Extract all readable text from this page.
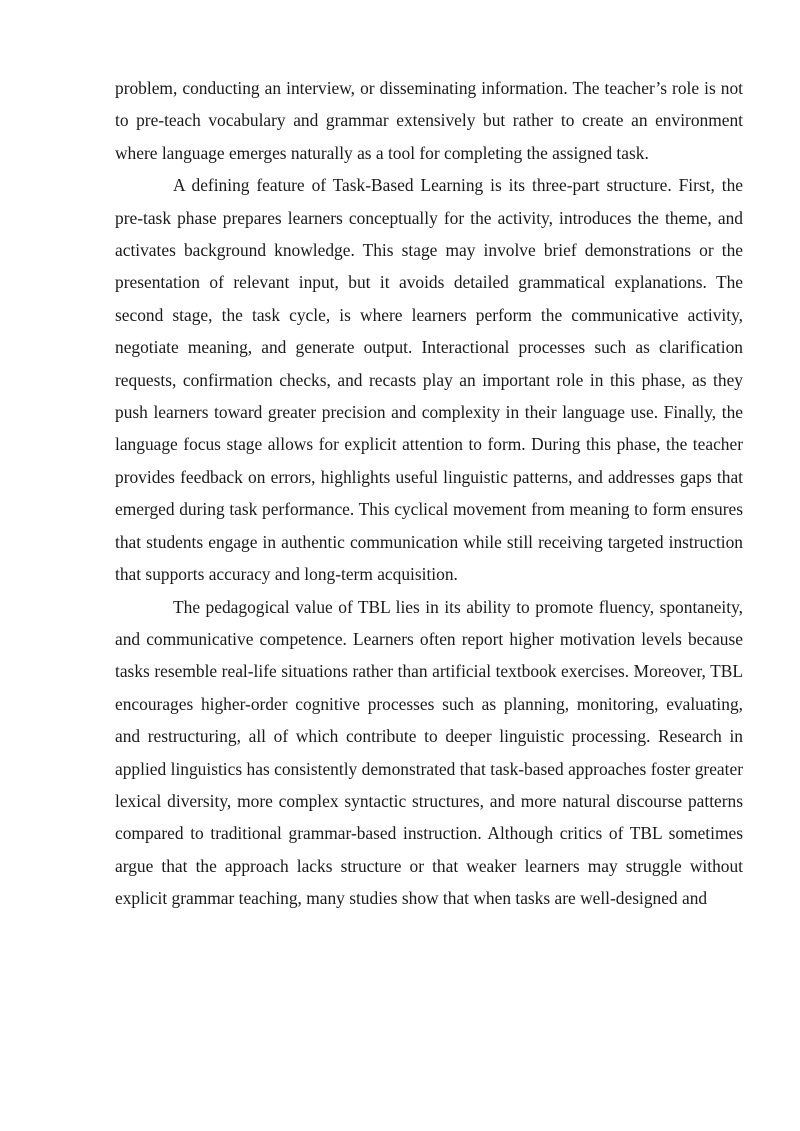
problem, conducting an interview, or disseminating information. The teacher’s role is not to pre-teach vocabulary and grammar extensively but rather to create an environment where language emerges naturally as a tool for completing the assigned task.

A defining feature of Task-Based Learning is its three-part structure. First, the pre-task phase prepares learners conceptually for the activity, introduces the theme, and activates background knowledge. This stage may involve brief demonstrations or the presentation of relevant input, but it avoids detailed grammatical explanations. The second stage, the task cycle, is where learners perform the communicative activity, negotiate meaning, and generate output. Interactional processes such as clarification requests, confirmation checks, and recasts play an important role in this phase, as they push learners toward greater precision and complexity in their language use. Finally, the language focus stage allows for explicit attention to form. During this phase, the teacher provides feedback on errors, highlights useful linguistic patterns, and addresses gaps that emerged during task performance. This cyclical movement from meaning to form ensures that students engage in authentic communication while still receiving targeted instruction that supports accuracy and long-term acquisition.

The pedagogical value of TBL lies in its ability to promote fluency, spontaneity, and communicative competence. Learners often report higher motivation levels because tasks resemble real-life situations rather than artificial textbook exercises. Moreover, TBL encourages higher-order cognitive processes such as planning, monitoring, evaluating, and restructuring, all of which contribute to deeper linguistic processing. Research in applied linguistics has consistently demonstrated that task-based approaches foster greater lexical diversity, more complex syntactic structures, and more natural discourse patterns compared to traditional grammar-based instruction. Although critics of TBL sometimes argue that the approach lacks structure or that weaker learners may struggle without explicit grammar teaching, many studies show that when tasks are well-designed and
